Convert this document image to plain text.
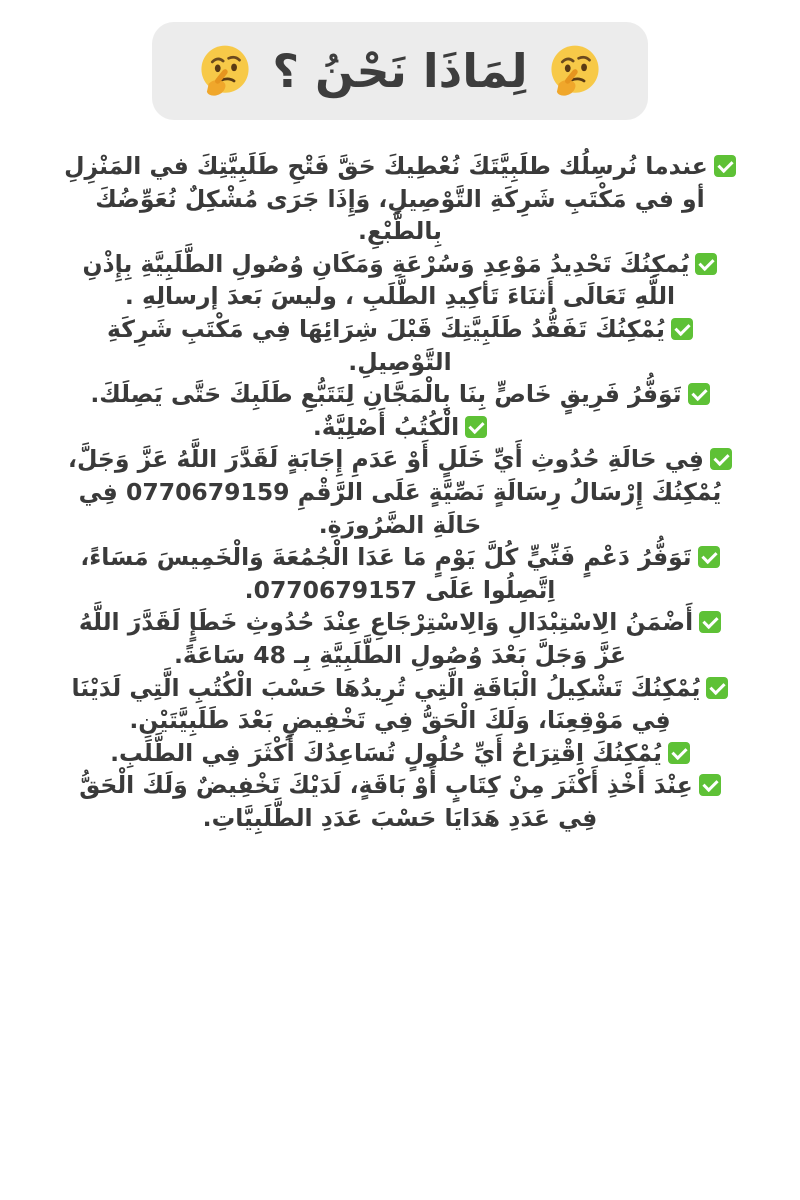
لِمَاذَا نَحْنُ ؟
عندما نُرسِلُك طلَبِيَّتَكَ نُعْطِيكَ حَقَّ فَتْحِ طَلَبِيَّتِكَ في المَنْزِلِ أو في مَكْتَبِ شَرِكَةِ التَّوْصِيلِ، وَإِذَا جَرَى مُشْكِلٌ نُعَوِّضُكَ بِالطَّبْعِ.
يُمكِنُكَ تَحْدِيدُ مَوْعِدِ وَسُرْعَةِ وَمَكَانِ وُصُولِ الطَّلَبِيَّةِ بِإِذْنِ اللَّهِ تَعَالَى أَثنَاءَ تَأكِيدِ الطَّلَبِ ، وليسَ بَعدَ إرسالِهِ .
يُمْكِنُكَ تَفَقُّدُ طَلَبِيَّتِكَ قَبْلَ شِرَائِهَا فِي مَكْتَبِ شَرِكَةِ التَّوْصِيلِ.
تَوَفُّرُ فَرِيقٍ خَاصٍّ بِنَا بِالْمَجَّانِ لِتَتَبُّعِ طَلَبِكَ حَتَّى يَصِلَكَ.
الْكُتُبُ أَصْلِيَّةٌ.
فِي حَالَةِ حُدُوثِ أَيِّ خَلَلٍ أَوْ عَدَمِ إِجَابَةٍ لَقَدَّرَ اللَّهُ عَزَّ وَجَلَّ، يُمْكِنُكَ إِرْسَالُ رِسَالَةٍ نَصِّيَّةٍ عَلَى الرَّقْمِ 0770679159 فِي حَالَةِ الضَّرُورَةِ.
تَوَفُّرُ دَعْمٍ فَنِّيٍّ كُلَّ يَوْمٍ مَا عَدَا الْجُمُعَةَ وَالْخَمِيسَ مَسَاءً، اِتَّصِلُوا عَلَى 0770679157.
أَضْمَنُ الِاسْتِبْدَالِ وَالِاسْتِرْجَاعِ عِنْدَ حُدُوثِ خَطَإٍ لَقَدَّرَ اللَّهُ عَزَّ وَجَلَّ بَعْدَ وُصُولِ الطَّلَبِيَّةِ بِـ 48 سَاعَةً.
يُمْكِنُكَ تَشْكِيلُ الْبَاقَةِ الَّتِي تُرِيدُهَا حَسْبَ الْكُتُبِ الَّتِي لَدَيْنَا فِي مَوْقِعِنَا، وَلَكَ الْحَقُّ فِي تَخْفِيضٍ بَعْدَ طَلَبِيَّتَيْنِ.
يُمْكِنُكَ اِقْتِرَاحُ أَيِّ حُلُولٍ تُسَاعِدُكَ أَكْثَرَ فِي الطَّلَبِ.
عِنْدَ أَخْذِ أَكْثَرَ مِنْ كِتَابٍ أَوْ بَاقَةٍ، لَدَيْكَ تَخْفِيضٌ وَلَكَ الْحَقُّ فِي عَدَدِ هَدَايَا حَسْبَ عَدَدِ الطَّلَبِيَّاتِ.
